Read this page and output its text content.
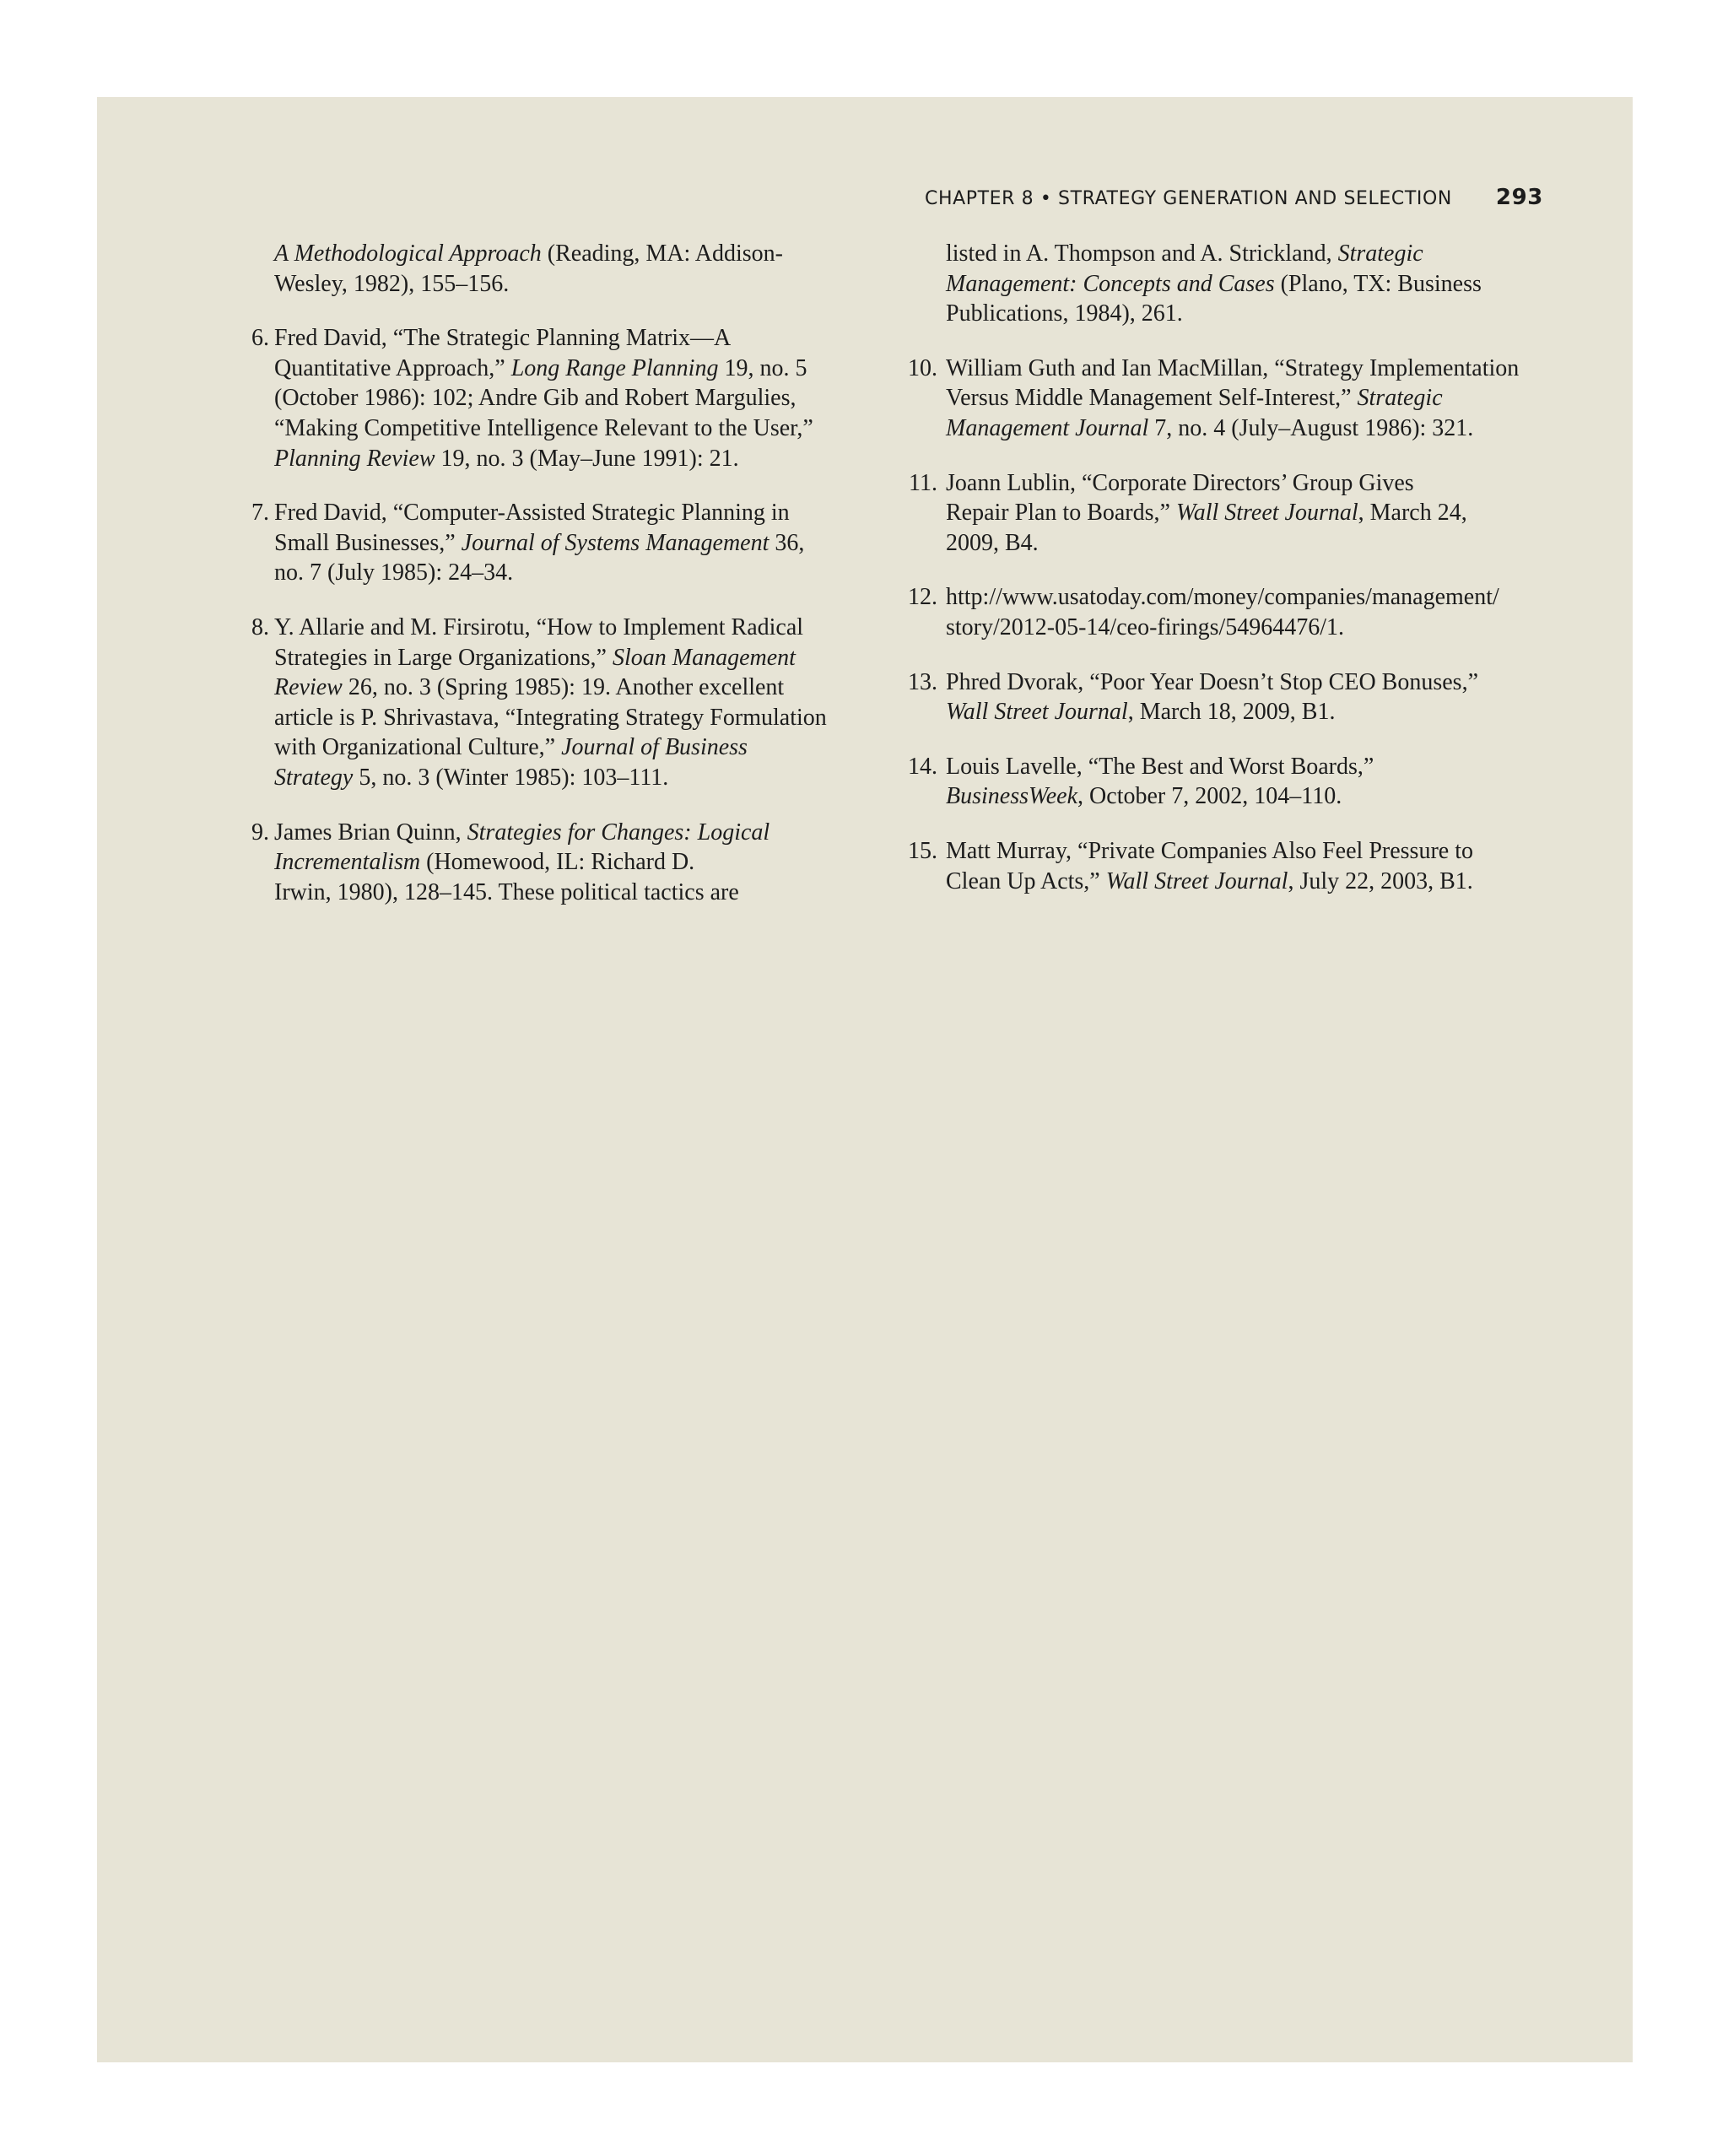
CHAPTER 8
•
STRATEGY GENERATION AND SELECTION 293
A Methodological Approach (Reading, MA: Addison-
Wesley, 1982), 155–156.
6. Fred David, “The Strategic Planning Matrix—A
Quantitative Approach,” Long Range Planning 19, no. 5
(October 1986): 102; Andre Gib and Robert Margulies,
“Making Competitive Intelligence Relevant to the User,”
Planning Review 19, no. 3 (May–June 1991): 21.
7. Fred David, “Computer-Assisted Strategic Planning in
Small Businesses,” Journal of Systems Management 36,
no. 7 (July 1985): 24–34.
8. Y. Allarie and M. Firsirotu, “How to Implement Radical
Strategies in Large Organizations,” Sloan Management
Review 26, no. 3 (Spring 1985): 19. Another excellent
article is P. Shrivastava, “Integrating Strategy Formulation
with Organizational Culture,” Journal of Business
Strategy 5, no. 3 (Winter 1985): 103–111.
9. James Brian Quinn, Strategies for Changes: Logical
Incrementalism (Homewood, IL: Richard D.
Irwin, 1980), 128–145. These political tactics are
listed in A. Thompson and A. Strickland, Strategic
Management: Concepts and Cases (Plano, TX: Business
Publications, 1984), 261.
10. William Guth and Ian MacMillan, “Strategy Implementation
Versus Middle Management Self-Interest,” Strategic
Management Journal 7, no. 4 (July–August 1986): 321.
11. Joann Lublin, “Corporate Directors’ Group Gives
Repair Plan to Boards,” Wall Street Journal, March 24,
2009, B4.
12. http://www.usatoday.com/money/companies/management/
story/2012-05-14/ceo-firings/54964476/1.
13. Phred Dvorak, “Poor Year Doesn’t Stop CEO Bonuses,”
Wall Street Journal, March 18, 2009, B1.
14. Louis Lavelle, “The Best and Worst Boards,”
BusinessWeek, October 7, 2002, 104–110.
15. Matt Murray, “Private Companies Also Feel Pressure to
Clean Up Acts,” Wall Street Journal, July 22, 2003, B1.
